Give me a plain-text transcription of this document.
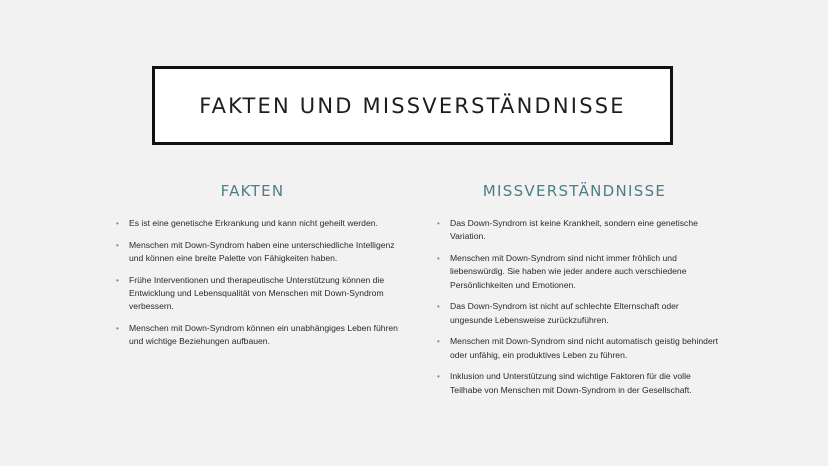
FAKTEN UND MISSVERSTÄNDNISSE
FAKTEN	MISSVERSTÄNDNISSE
• Es ist eine genetische Erkrankung und kann nicht geheilt werden.
• Menschen mit Down-Syndrom haben eine unterschiedliche Intelligenz und können eine breite Palette von Fähigkeiten haben.
• Frühe Interventionen und therapeutische Unterstützung können die Entwicklung und Lebensqualität von Menschen mit Down-Syndrom verbessern.
• Menschen mit Down-Syndrom können ein unabhängiges Leben führen und wichtige Beziehungen aufbauen.
• Das Down-Syndrom ist keine Krankheit, sondern eine genetische Variation.
• Menschen mit Down-Syndrom sind nicht immer fröhlich und liebenswürdig. Sie haben wie jeder andere auch verschiedene Persönlichkeiten und Emotionen.
• Das Down-Syndrom ist nicht auf schlechte Elternschaft oder ungesunde Lebensweise zurückzuführen.
• Menschen mit Down-Syndrom sind nicht automatisch geistig behindert oder unfähig, ein produktives Leben zu führen.
• Inklusion und Unterstützung sind wichtige Faktoren für die volle Teilhabe von Menschen mit Down-Syndrom in der Gesellschaft.
